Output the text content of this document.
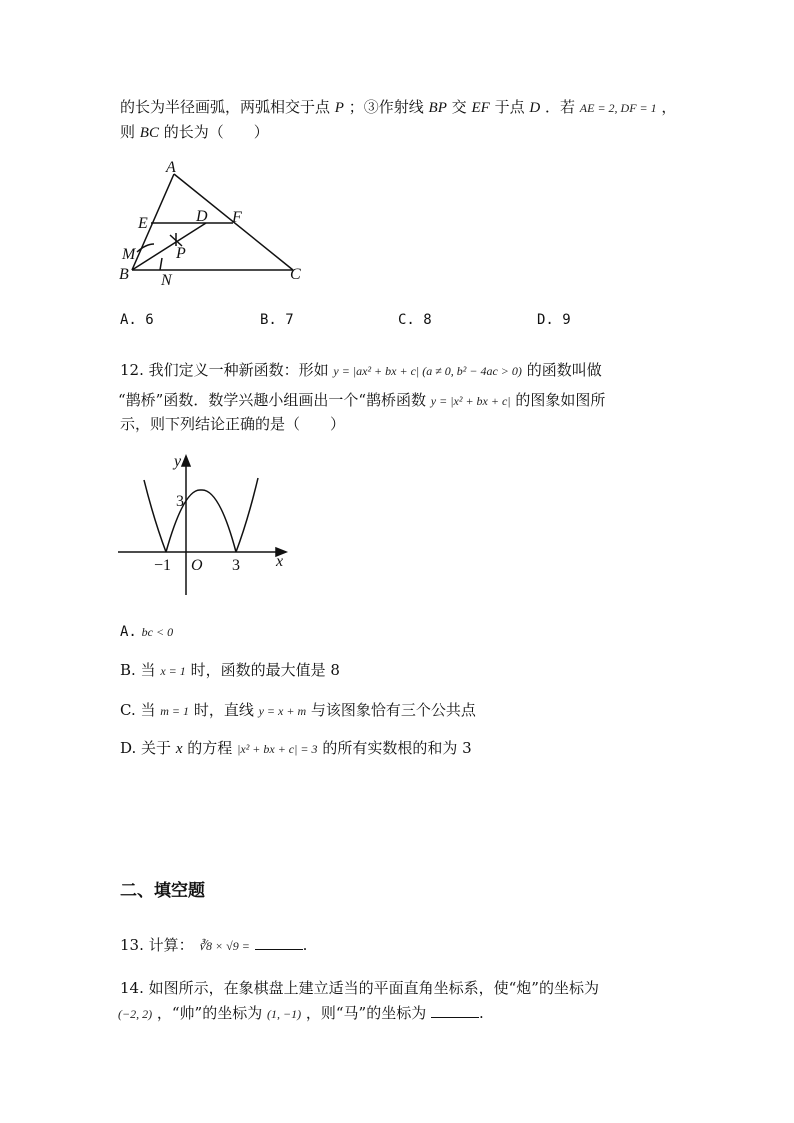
的长为半径画弧，两弧相交于点 P ；③作射线 BP 交 EF 于点 D ．若 AE = 2, DF = 1 ，
则 BC 的长为（　　）
A
E	D F
M	P
B N	C
A. 6	B. 7	C. 8	D. 9
12. 我们定义一种新函数：形如 y = |ax² + bx + c| (a ≠ 0, b² − 4ac > 0) 的函数叫做
“鹊桥”函数．数学兴趣小组画出一个“鹊桥函数 y = |x² + bx + c| 的图象如图所
示，则下列结论正确的是（　　）
y
x
3
−1 O 3
A. bc < 0
B. 当 x = 1 时，函数的最大值是 8
C. 当 m = 1 时，直线 y = x + m 与该图象恰有三个公共点
D. 关于 x 的方程 |x² + bx + c| = 3 的所有实数根的和为 3
二、填空题
13. 计算： ∛8 × √9 =	.
14. 如图所示，在象棋盘上建立适当的平面直角坐标系，使“炮”的坐标为
(−2, 2) ，“帅”的坐标为 (1, −1) ，则“马”的坐标为	.
